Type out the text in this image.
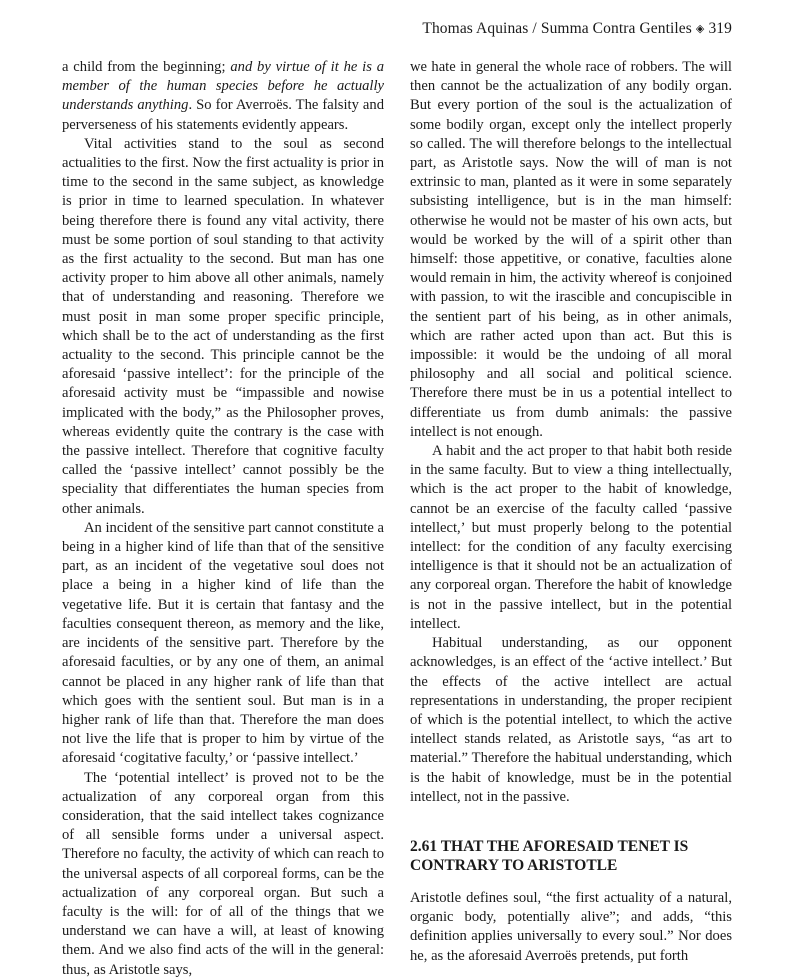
Thomas Aquinas / Summa Contra Gentiles ◈ 319

a child from the beginning; and by virtue of it he is a member of the human species before he actually understands anything. So for Averroës. The falsity and perverseness of his statements evidently appears.

Vital activities stand to the soul as second actualities to the first. Now the first actuality is prior in time to the second in the same subject, as knowledge is prior in time to learned speculation. In whatever being therefore there is found any vital activity, there must be some portion of soul standing to that activity as the first actuality to the second. But man has one activity proper to him above all other animals, namely that of understanding and reasoning. Therefore we must posit in man some proper specific principle, which shall be to the act of understanding as the first actuality to the second. This principle cannot be the aforesaid ‘passive intellect’: for the principle of the aforesaid activity must be “impassible and nowise implicated with the body,” as the Philosopher proves, whereas evidently quite the contrary is the case with the passive intellect. Therefore that cognitive faculty called the ‘passive intellect’ cannot possibly be the speciality that differentiates the human species from other animals.

An incident of the sensitive part cannot constitute a being in a higher kind of life than that of the sensitive part, as an incident of the vegetative soul does not place a being in a higher kind of life than the vegetative life. But it is certain that fantasy and the faculties consequent thereon, as memory and the like, are incidents of the sensitive part. Therefore by the aforesaid faculties, or by any one of them, an animal cannot be placed in any higher rank of life than that which goes with the sentient soul. But man is in a higher rank of life than that. Therefore the man does not live the life that is proper to him by virtue of the aforesaid ‘cogitative faculty,’ or ‘passive intellect.’

The ‘potential intellect’ is proved not to be the actualization of any corporeal organ from this consideration, that the said intellect takes cognizance of all sensible forms under a universal aspect. Therefore no faculty, the activity of which can reach to the universal aspects of all corporeal forms, can be the actualization of any corporeal organ. But such a faculty is the will: for of all of the things that we understand we can have a will, at least of knowing them. And we also find acts of the will in the general: thus, as Aristotle says,

we hate in general the whole race of robbers. The will then cannot be the actualization of any bodily organ. But every portion of the soul is the actualization of some bodily organ, except only the intellect properly so called. The will therefore belongs to the intellectual part, as Aristotle says. Now the will of man is not extrinsic to man, planted as it were in some separately subsisting intelligence, but is in the man himself: otherwise he would not be master of his own acts, but would be worked by the will of a spirit other than himself: those appetitive, or conative, faculties alone would remain in him, the activity whereof is conjoined with passion, to wit the irascible and concupiscible in the sentient part of his being, as in other animals, which are rather acted upon than act. But this is impossible: it would be the undoing of all moral philosophy and all social and political science. Therefore there must be in us a potential intellect to differentiate us from dumb animals: the passive intellect is not enough.

A habit and the act proper to that habit both reside in the same faculty. But to view a thing intellectually, which is the act proper to the habit of knowledge, cannot be an exercise of the faculty called ‘passive intellect,’ but must properly belong to the potential intellect: for the condition of any faculty exercising intelligence is that it should not be an actualization of any corporeal organ. Therefore the habit of knowledge is not in the passive intellect, but in the potential intellect.

Habitual understanding, as our opponent acknowledges, is an effect of the ‘active intellect.’ But the effects of the active intellect are actual representations in understanding, the proper recipient of which is the potential intellect, to which the active intellect stands related, as Aristotle says, “as art to material.” Therefore the habitual understanding, which is the habit of knowledge, must be in the potential intellect, not in the passive.

2.61 THAT THE AFORESAID TENET IS CONTRARY TO ARISTOTLE

Aristotle defines soul, “the first actuality of a natural, organic body, potentially alive”; and adds, “this definition applies universally to every soul.” Nor does he, as the aforesaid Averroës pretends, put forth
